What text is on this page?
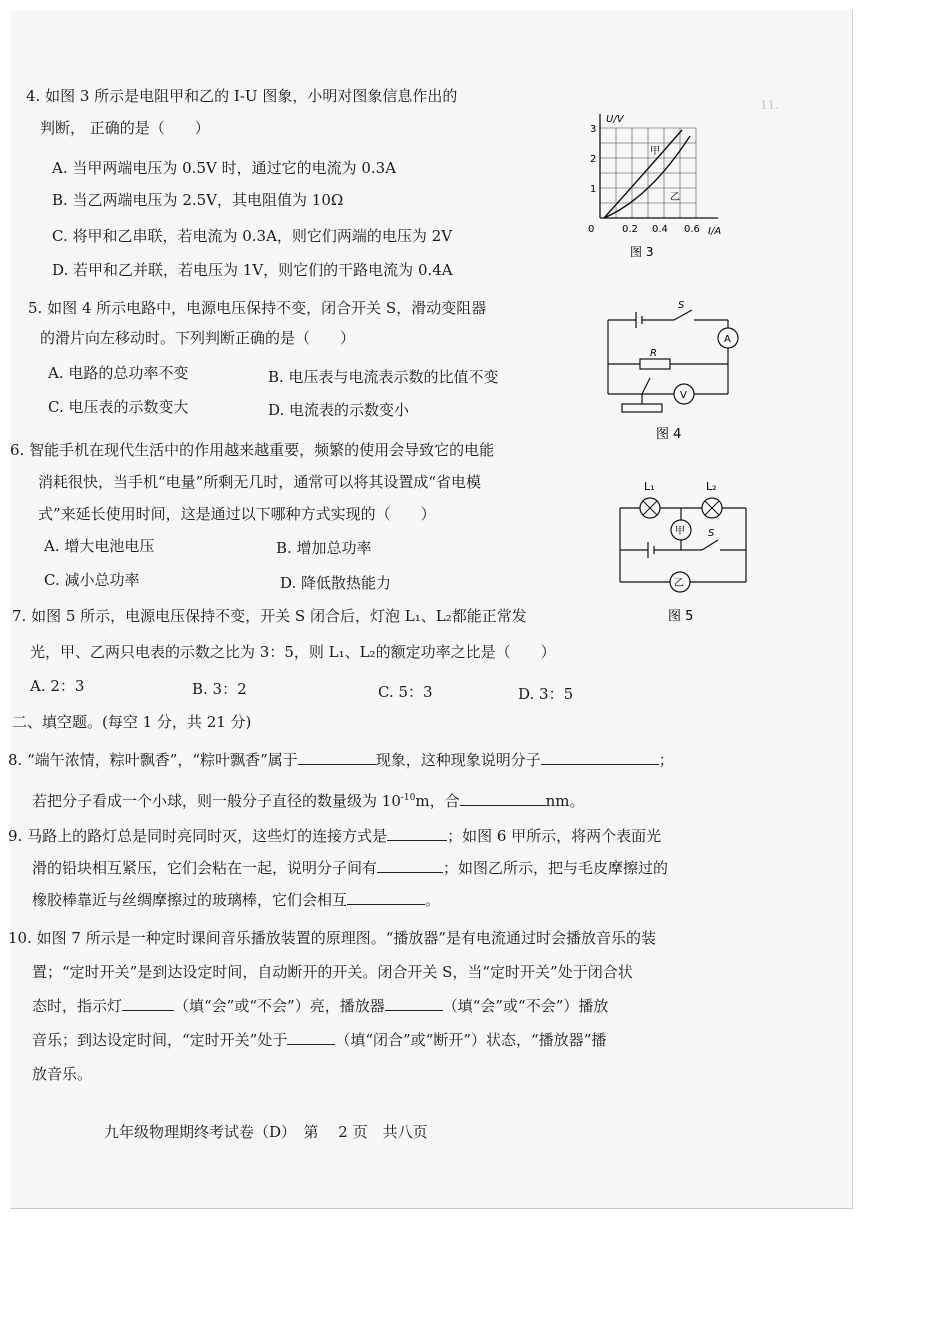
11.
4. 如图 3 所示是电阻甲和乙的 I-U 图象，小明对图象信息作出的
判断， 正确的是（　　）
A. 当甲两端电压为 0.5V 时，通过它的电流为 0.3A
B. 当乙两端电压为 2.5V，其电阻值为 10Ω
C. 将甲和乙串联，若电流为 0.3A，则它们两端的电压为 2V
D. 若甲和乙并联，若电压为 1V，则它们的干路电流为 0.4A
U/V
I/A
1
2
3
0	0.2 0.4 0.6
甲
乙
图 3
5. 如图 4 所示电路中，电源电压保持不变，闭合开关 S，滑动变阻器
的滑片向左移动时。下列判断正确的是（　　）
A. 电路的总功率不变	B. 电压表与电流表示数的比值不变
C. 电压表的示数变大	D. 电流表的示数变小
A
V
S
R
图 4
6. 智能手机在现代生活中的作用越来越重要，频繁的使用会导致它的电能
消耗很快，当手机“电量”所剩无几时，通常可以将其设置成“省电模
式”来延长使用时间，这是通过以下哪种方式实现的（　　）
A. 增大电池电压	B. 增加总功率
C. 减小总功率	D. 降低散热能力
L₁	L₂
甲
乙
S
图 5
7. 如图 5 所示，电源电压保持不变，开关 S 闭合后，灯泡 L₁、L₂都能正常发
光，甲、乙两只电表的示数之比为 3：5，则 L₁、L₂的额定功率之比是（　　）
A. 2：3	B. 3：2	C. 5：3	D. 3：5
二、填空题。(每空 1 分，共 21 分)
8. “端午浓情，粽叶飘香”，“粽叶飘香”属于	现象，这种现象说明分子	；
若把分子看成一个小球，则一般分子直径的数量级为 $10^{-10}m$，合	nm。
9. 马路上的路灯总是同时亮同时灭，这些灯的连接方式是	；如图 6 甲所示，将两个表面光
滑的铅块相互紧压，它们会粘在一起，说明分子间有	；如图乙所示，把与毛皮摩擦过的
橡胶棒靠近与丝绸摩擦过的玻璃棒，它们会相互	。
10. 如图 7 所示是一种定时课间音乐播放装置的原理图。“播放器”是有电流通过时会播放音乐的装
置；“定时开关”是到达设定时间，自动断开的开关。闭合开关 S，当“定时开关”处于闭合状
态时，指示灯	（填“会”或“不会”）亮，播放器	（填“会”或“不会”）播放
音乐；到达设定时间，“定时开关”处于	（填“闭合”或“断开”）状态，“播放器”播
放音乐。
九年级物理期终考试卷（D）　第　 2 页　共八页
